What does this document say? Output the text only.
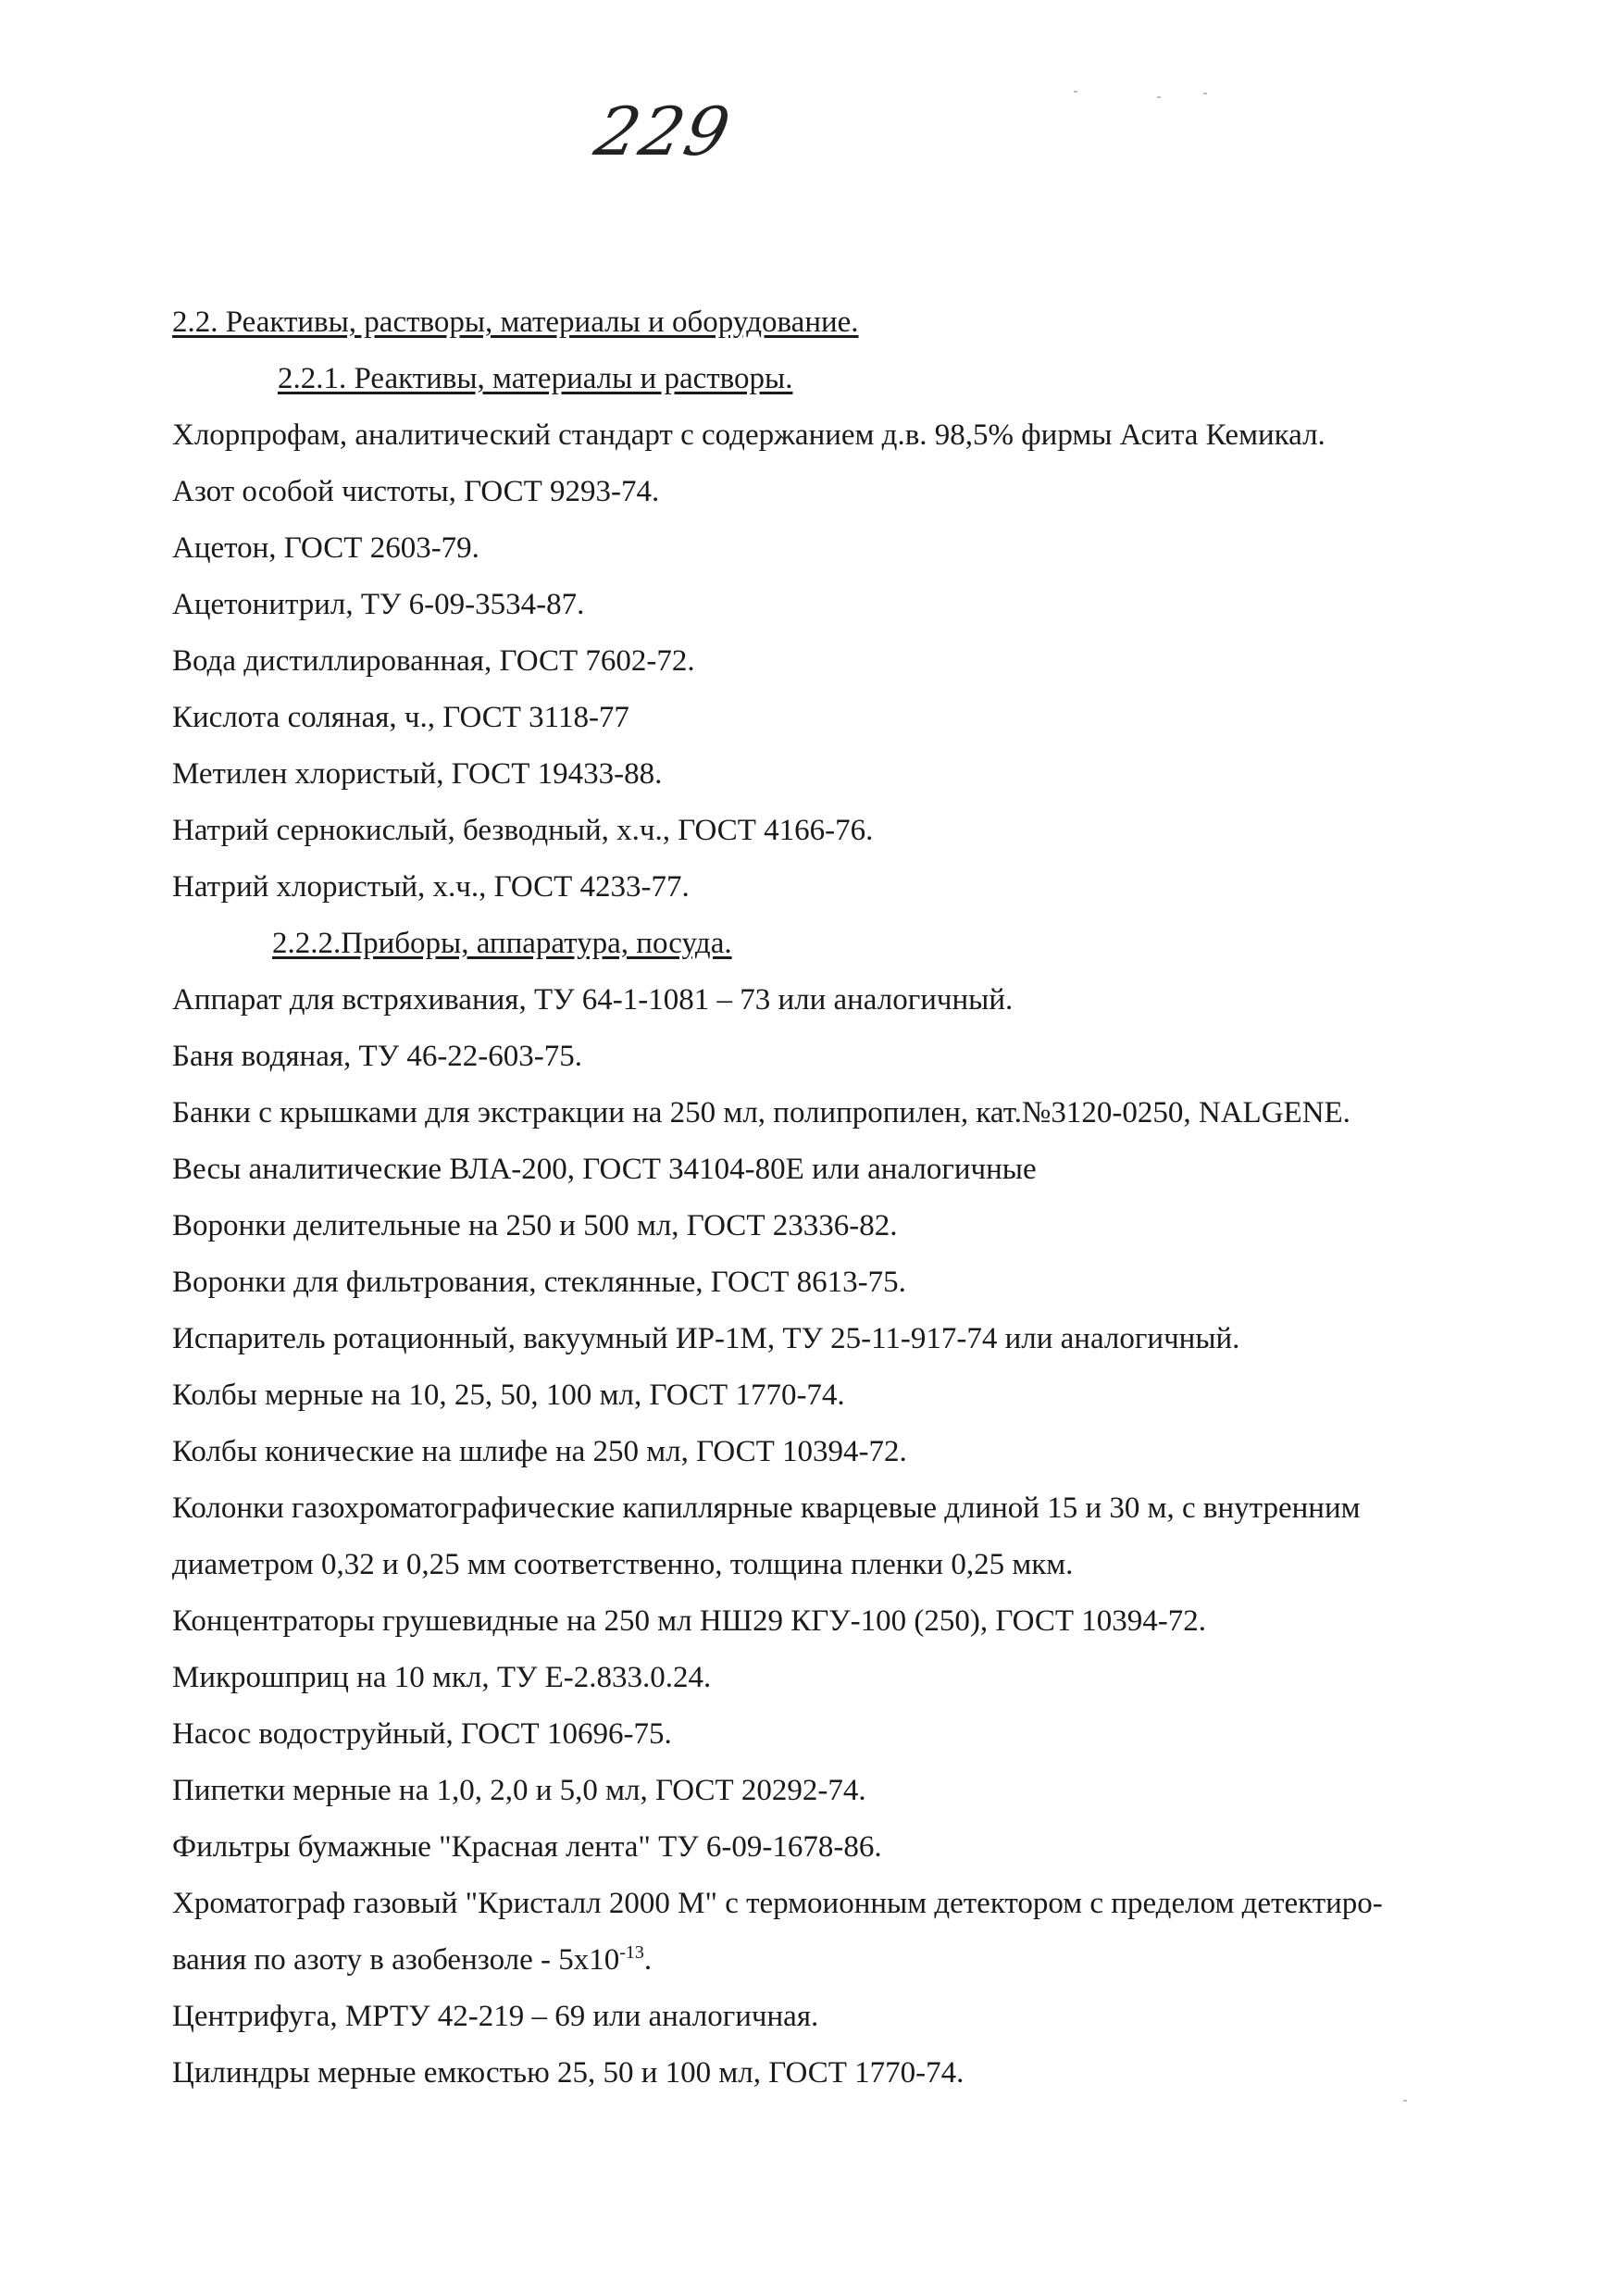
229
2.2. Реактивы, растворы, материалы и оборудование.
2.2.1. Реактивы, материалы и растворы.
Хлорпрофам, аналитический стандарт с содержанием д.в. 98,5% фирмы Асита Кемикал.
Азот особой чистоты, ГОСТ 9293-74.
Ацетон, ГОСТ 2603-79.
Ацетонитрил, ТУ 6-09-3534-87.
Вода дистиллированная, ГОСТ 7602-72.
Кислота соляная, ч., ГОСТ 3118-77
Метилен хлористый, ГОСТ 19433-88.
Натрий сернокислый, безводный, х.ч., ГОСТ 4166-76.
Натрий хлористый, х.ч., ГОСТ 4233-77.
2.2.2.Приборы, аппаратура, посуда.
Аппарат для встряхивания, ТУ 64-1-1081 – 73 или аналогичный.
Баня водяная, ТУ 46-22-603-75.
Банки с крышками для экстракции на 250 мл, полипропилен, кат.№3120-0250, NALGENE.
Весы аналитические ВЛА-200, ГОСТ 34104-80Е или аналогичные
Воронки делительные на 250 и 500 мл, ГОСТ 23336-82.
Воронки для фильтрования, стеклянные, ГОСТ 8613-75.
Испаритель ротационный, вакуумный ИР-1М, ТУ 25-11-917-74 или аналогичный.
Колбы мерные на 10, 25, 50, 100 мл, ГОСТ 1770-74.
Колбы конические на шлифе на 250 мл, ГОСТ 10394-72.
Колонки газохроматографические капиллярные кварцевые длиной 15 и 30 м, с внутренним
диаметром 0,32 и 0,25 мм соответственно, толщина пленки 0,25 мкм.
Концентраторы грушевидные на 250 мл НШ29 КГУ-100 (250), ГОСТ 10394-72.
Микрошприц на 10 мкл, ТУ Е-2.833.0.24.
Насос водоструйный, ГОСТ 10696-75.
Пипетки мерные на 1,0, 2,0 и 5,0 мл, ГОСТ 20292-74.
Фильтры бумажные "Красная лента" ТУ 6-09-1678-86.
Хроматограф газовый "Кристалл 2000 М" с термоионным детектором с пределом детектиро-
вания по азоту в азобензоле - $5x10^{-13}$.
Центрифуга, МРТУ 42-219 – 69 или аналогичная.
Цилиндры мерные емкостью 25, 50 и 100 мл, ГОСТ 1770-74.
